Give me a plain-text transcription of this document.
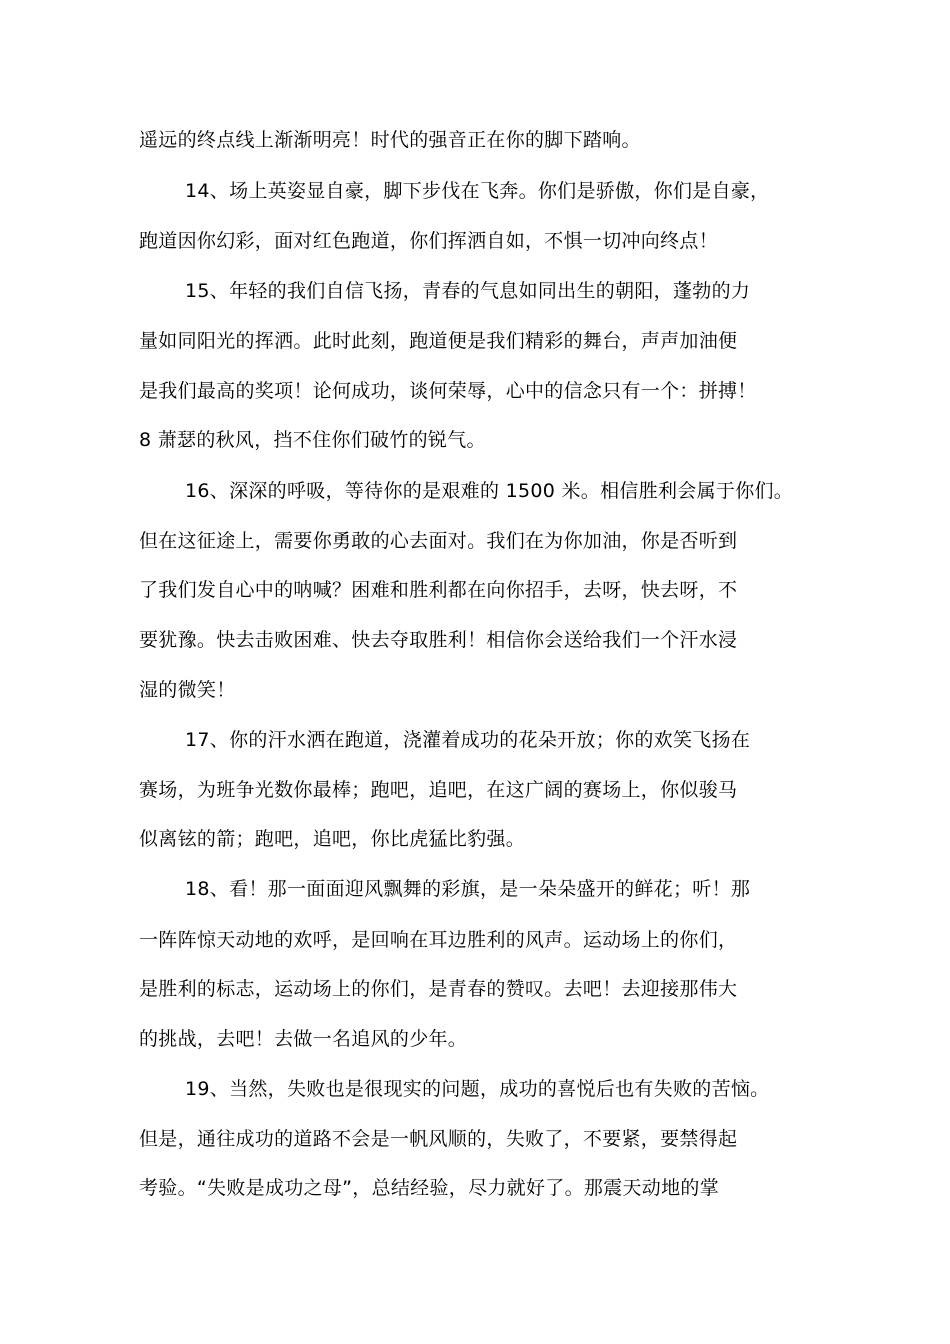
遥远的终点线上渐渐明亮！时代的强音正在你的脚下踏响。
14、场上英姿显自豪，脚下步伐在飞奔。你们是骄傲，你们是自豪，
跑道因你幻彩，面对红色跑道，你们挥洒自如，不惧一切冲向终点！
15、年轻的我们自信飞扬，青春的气息如同出生的朝阳，蓬勃的力
量如同阳光的挥洒。此时此刻，跑道便是我们精彩的舞台，声声加油便
是我们最高的奖项！论何成功，谈何荣辱，心中的信念只有一个：拼搏！
8 萧瑟的秋风，挡不住你们破竹的锐气。
16、深深的呼吸，等待你的是艰难的 1500 米。相信胜利会属于你们。
但在这征途上，需要你勇敢的心去面对。我们在为你加油，你是否听到
了我们发自心中的呐喊？困难和胜利都在向你招手，去呀，快去呀，不
要犹豫。快去击败困难、快去夺取胜利！相信你会送给我们一个汗水浸
湿的微笑！
17、你的汗水洒在跑道，浇灌着成功的花朵开放；你的欢笑飞扬在
赛场，为班争光数你最棒；跑吧，追吧，在这广阔的赛场上，你似骏马
似离铉的箭；跑吧，追吧，你比虎猛比豹强。
18、看！那一面面迎风飘舞的彩旗，是一朵朵盛开的鲜花；听！那
一阵阵惊天动地的欢呼，是回响在耳边胜利的风声。运动场上的你们，
是胜利的标志，运动场上的你们，是青春的赞叹。去吧！去迎接那伟大
的挑战，去吧！去做一名追风的少年。
19、当然，失败也是很现实的问题，成功的喜悦后也有失败的苦恼。
但是，通往成功的道路不会是一帆风顺的，失败了，不要紧，要禁得起
考验。“失败是成功之母”，总结经验，尽力就好了。那震天动地的掌
